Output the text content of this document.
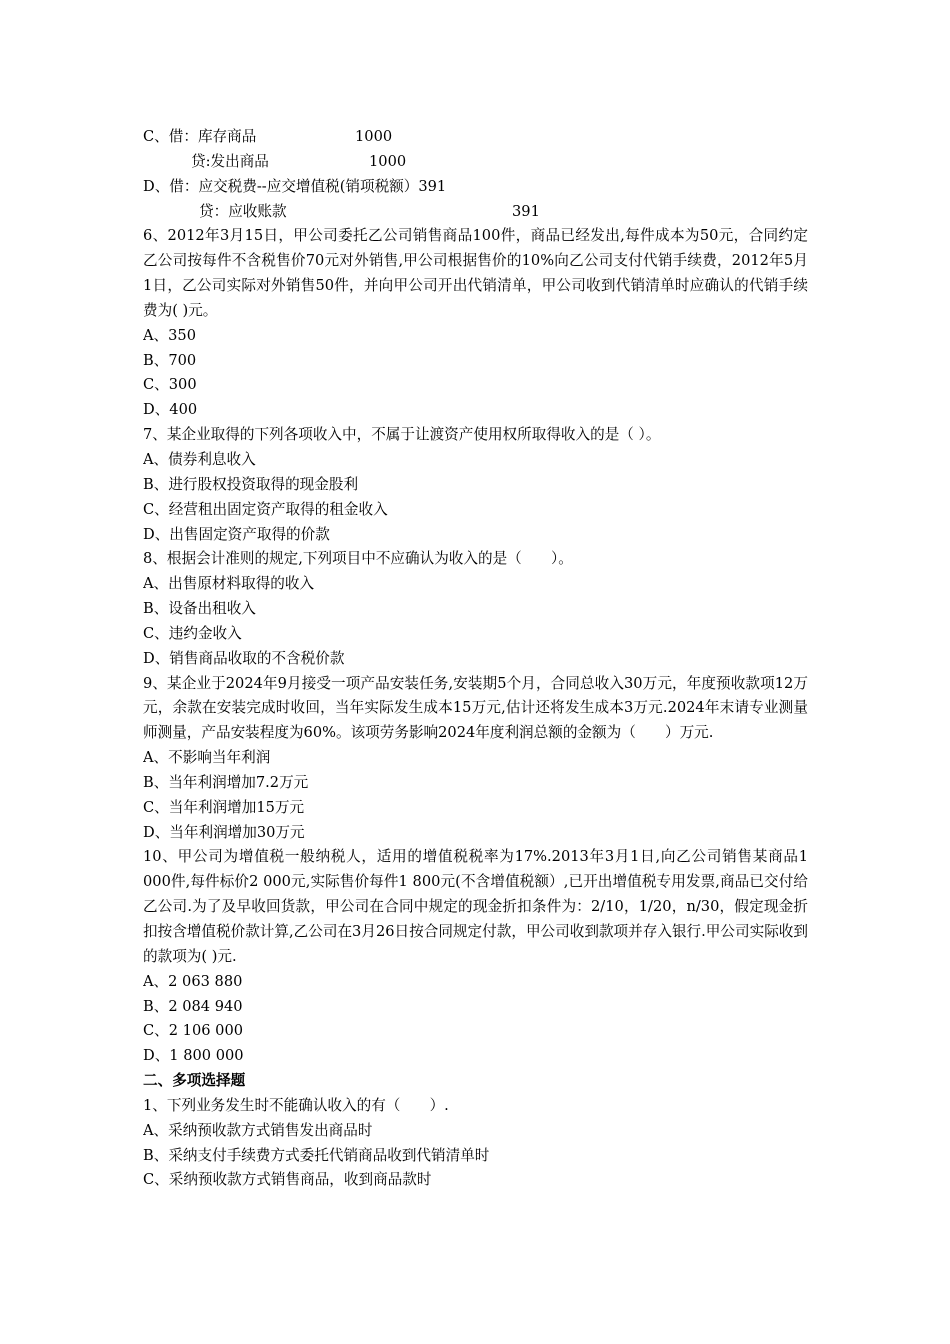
C、借：库存商品	1000
贷:发出商品	1000
D、借：应交税费--应交增值税(销项税额）391
贷：应收账款	391
6、2012年3月15日，甲公司委托乙公司销售商品100件，商品已经发出,每件成本为50元，合同约定乙公司按每件不含税售价70元对外销售,甲公司根据售价的10%向乙公司支付代销手续费，2012年5月1日，乙公司实际对外销售50件，并向甲公司开出代销清单，甲公司收到代销清单时应确认的代销手续费为( )元。
A、350
B、700
C、300
D、400
7、某企业取得的下列各项收入中，不属于让渡资产使用权所取得收入的是（ ）。
A、债券利息收入
B、进行股权投资取得的现金股利
C、经营租出固定资产取得的租金收入
D、出售固定资产取得的价款
8、根据会计准则的规定,下列项目中不应确认为收入的是（　　）。
A、出售原材料取得的收入
B、设备出租收入
C、违约金收入
D、销售商品收取的不含税价款
9、某企业于2024年9月接受一项产品安装任务,安装期5个月，合同总收入30万元，年度预收款项12万元，余款在安装完成时收回，当年实际发生成本15万元,估计还将发生成本3万元.2024年末请专业测量师测量，产品安装程度为60%。该项劳务影响2024年度利润总额的金额为（　　）万元.
A、不影响当年利润
B、当年利润增加7.2万元
C、当年利润增加15万元
D、当年利润增加30万元
10、甲公司为增值税一般纳税人，适用的增值税税率为17%.2013年3月1日,向乙公司销售某商品1 000件,每件标价2 000元,实际售价每件1 800元(不含增值税额）,已开出增值税专用发票,商品已交付给乙公司.为了及早收回货款，甲公司在合同中规定的现金折扣条件为：2/10，1/20，n/30，假定现金折扣按含增值税价款计算,乙公司在3月26日按合同规定付款，甲公司收到款项并存入银行.甲公司实际收到的款项为( )元.
A、2 063 880
B、2 084 940
C、2 106 000
D、1 800 000
二、多项选择题
1、下列业务发生时不能确认收入的有（　　）.
A、采纳预收款方式销售发出商品时
B、采纳支付手续费方式委托代销商品收到代销清单时
C、采纳预收款方式销售商品，收到商品款时
